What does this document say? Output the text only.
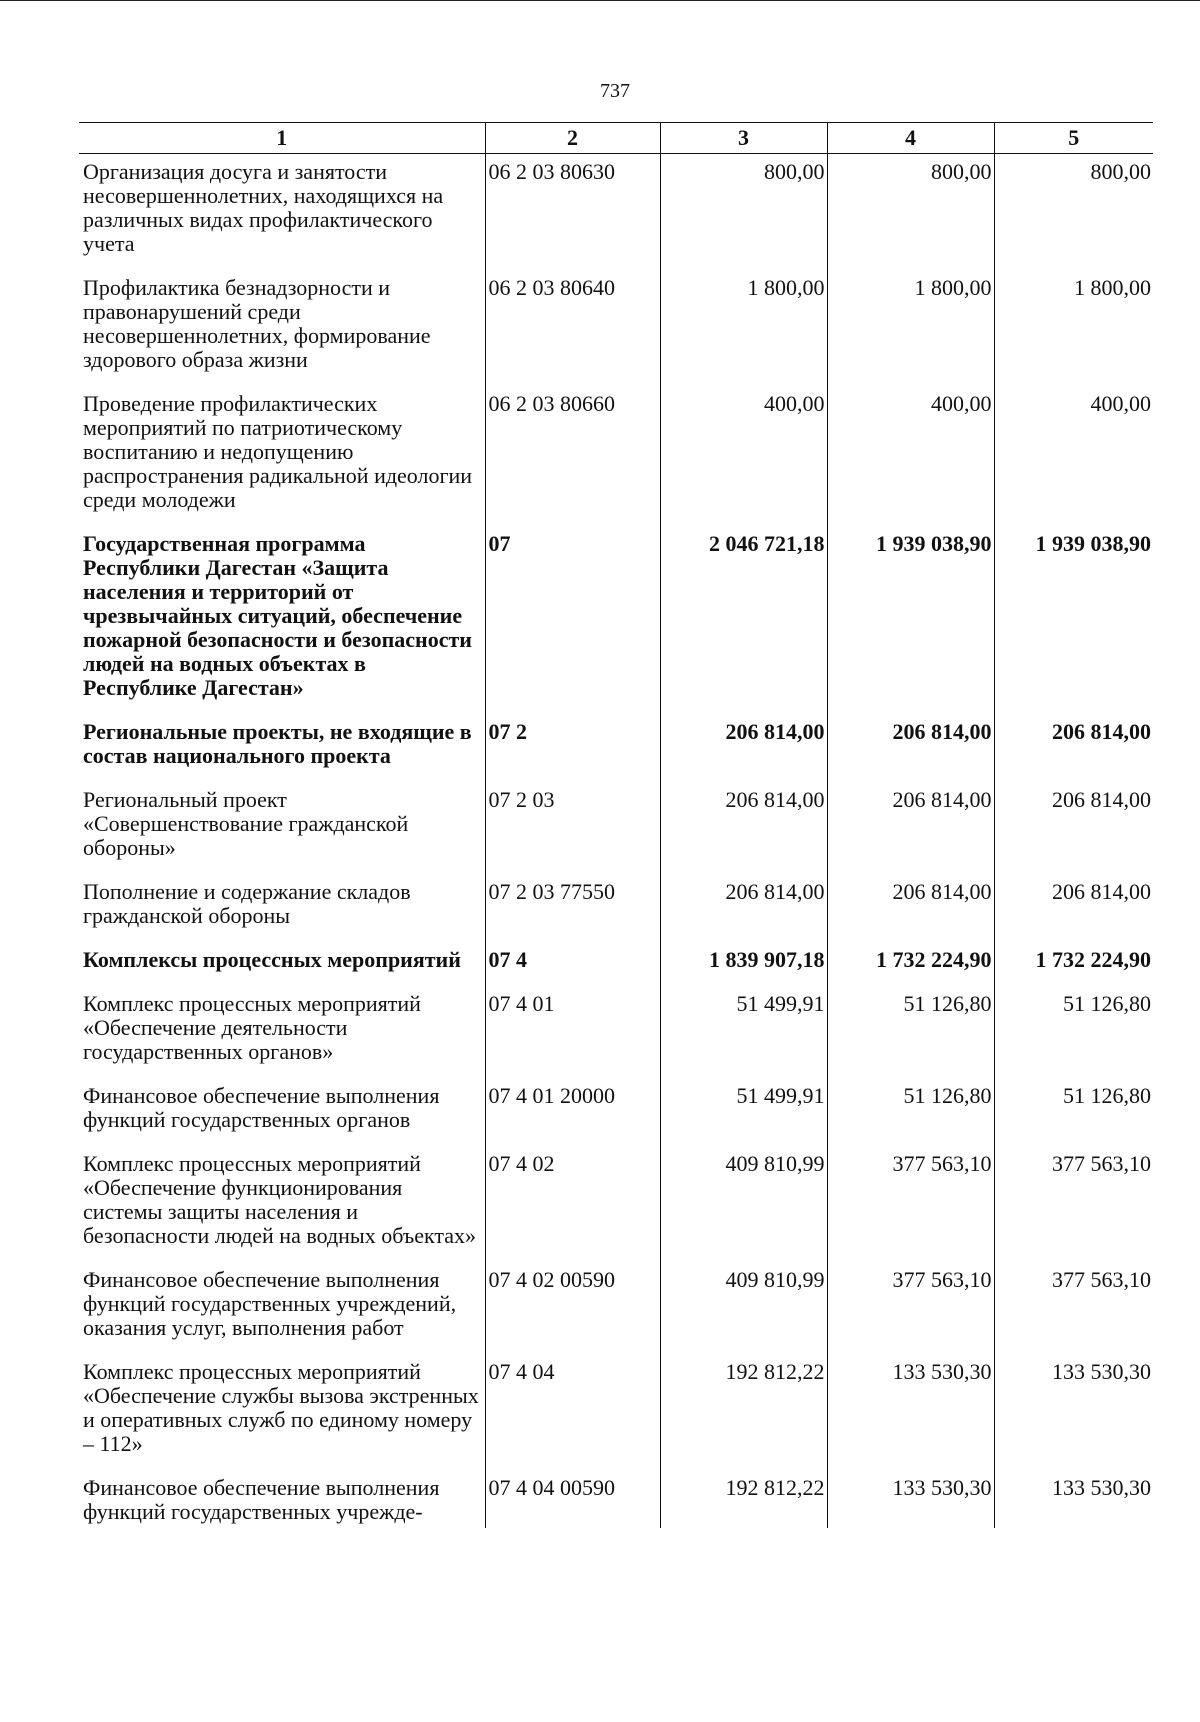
737
1	2	3	4	5
Организация досуга и занятости несовершеннолетних, находящихся на различных видах профилактического учета	06 2 03 80630	800,00	800,00	800,00
Профилактика безнадзорности и правонарушений среди несовершеннолетних, формирование здорового образа жизни	06 2 03 80640	1 800,00	1 800,00	1 800,00
Проведение профилактических мероприятий по патриотическому воспитанию и недопущению распространения радикальной идеологии среди молодежи	06 2 03 80660	400,00	400,00	400,00
Государственная программа Республики Дагестан «Защита населения и территорий от чрезвычайных ситуаций, обеспечение пожарной безопасности и безопасности людей на водных объектах в Республике Дагестан»	07	2 046 721,18	1 939 038,90	1 939 038,90
Региональные проекты, не входящие в состав национального проекта	07 2	206 814,00	206 814,00	206 814,00
Региональный проект «Совершенствование гражданской обороны»	07 2 03	206 814,00	206 814,00	206 814,00
Пополнение и содержание складов гражданской обороны	07 2 03 77550	206 814,00	206 814,00	206 814,00
Комплексы процессных мероприятий	07 4	1 839 907,18	1 732 224,90	1 732 224,90
Комплекс процессных мероприятий «Обеспечение деятельности государственных органов»	07 4 01	51 499,91	51 126,80	51 126,80
Финансовое обеспечение выполнения функций государственных органов	07 4 01 20000	51 499,91	51 126,80	51 126,80
Комплекс процессных мероприятий «Обеспечение функционирования системы защиты населения и безопасности людей на водных объектах»	07 4 02	409 810,99	377 563,10	377 563,10
Финансовое обеспечение выполнения функций государственных учреждений, оказания услуг, выполнения работ	07 4 02 00590	409 810,99	377 563,10	377 563,10
Комплекс процессных мероприятий «Обеспечение службы вызова экстренных и оперативных служб по единому номеру – 112»	07 4 04	192 812,22	133 530,30	133 530,30
Финансовое обеспечение выполнения функций государственных учрежде-	07 4 04 00590	192 812,22	133 530,30	133 530,30
